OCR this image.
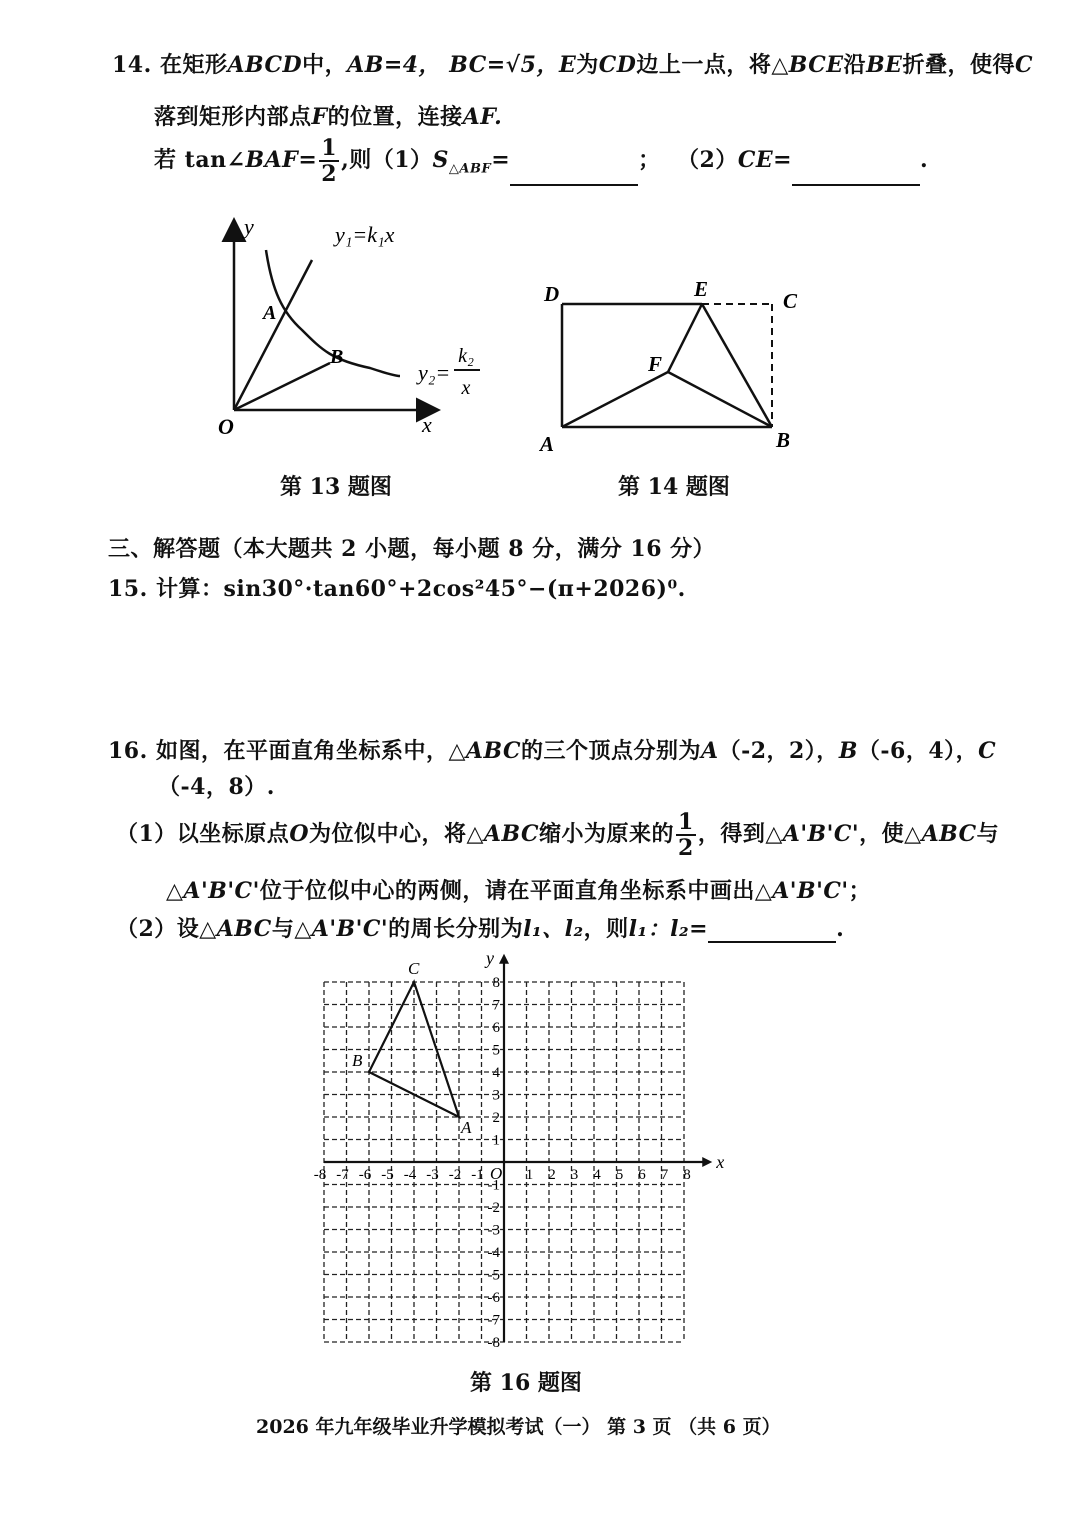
14. 在矩形ABCD中，AB=4， BC=√5，E为CD边上一点，将△BCE沿BE折叠，使得C
落到矩形内部点F的位置，连接AF.
若 tan∠BAF= $\frac{1}{2}$ ,则$(1)S_{\triangle ABF}=$	； （2）CE=	.
y
x
O
A
B
y₁=k₁x
y₂=
k₂
x
第 13 题图
D	E	C
F
A	B
第 14 题图
三、解答题（本大题共 2 小题，每小题 8 分，满分 16 分）
15. 计算：sin30°·tan60°+2cos²45°−(π+2026)⁰.
16. 如图，在平面直角坐标系中，△ABC的三个顶点分别为A（-2，2），B（-6，4），C
（-4，8）.
（1）以坐标原点O为位似中心，将△ABC缩小为原来的 $\frac{1}{2}$ ，得到△A'B'C'，使△ABC与
△A'B'C'位于位似中心的两侧，请在平面直角坐标系中画出△A'B'C'；
（2）设△ABC与△A'B'C'的周长分别为l₁、l₂，则l₁：l₂=	.
x
y
O
-8 -7 -6 -5 -4 -3 -2 -1	1 2 3 4 5 6 7 8
8
7
6
5
4
3
2
1
-1
-2
-3
-4
-5
-6
-7
-8
A
B
C
第 16 题图
2026 年九年级毕业升学模拟考试（一） 第 3 页 （共 6 页）
